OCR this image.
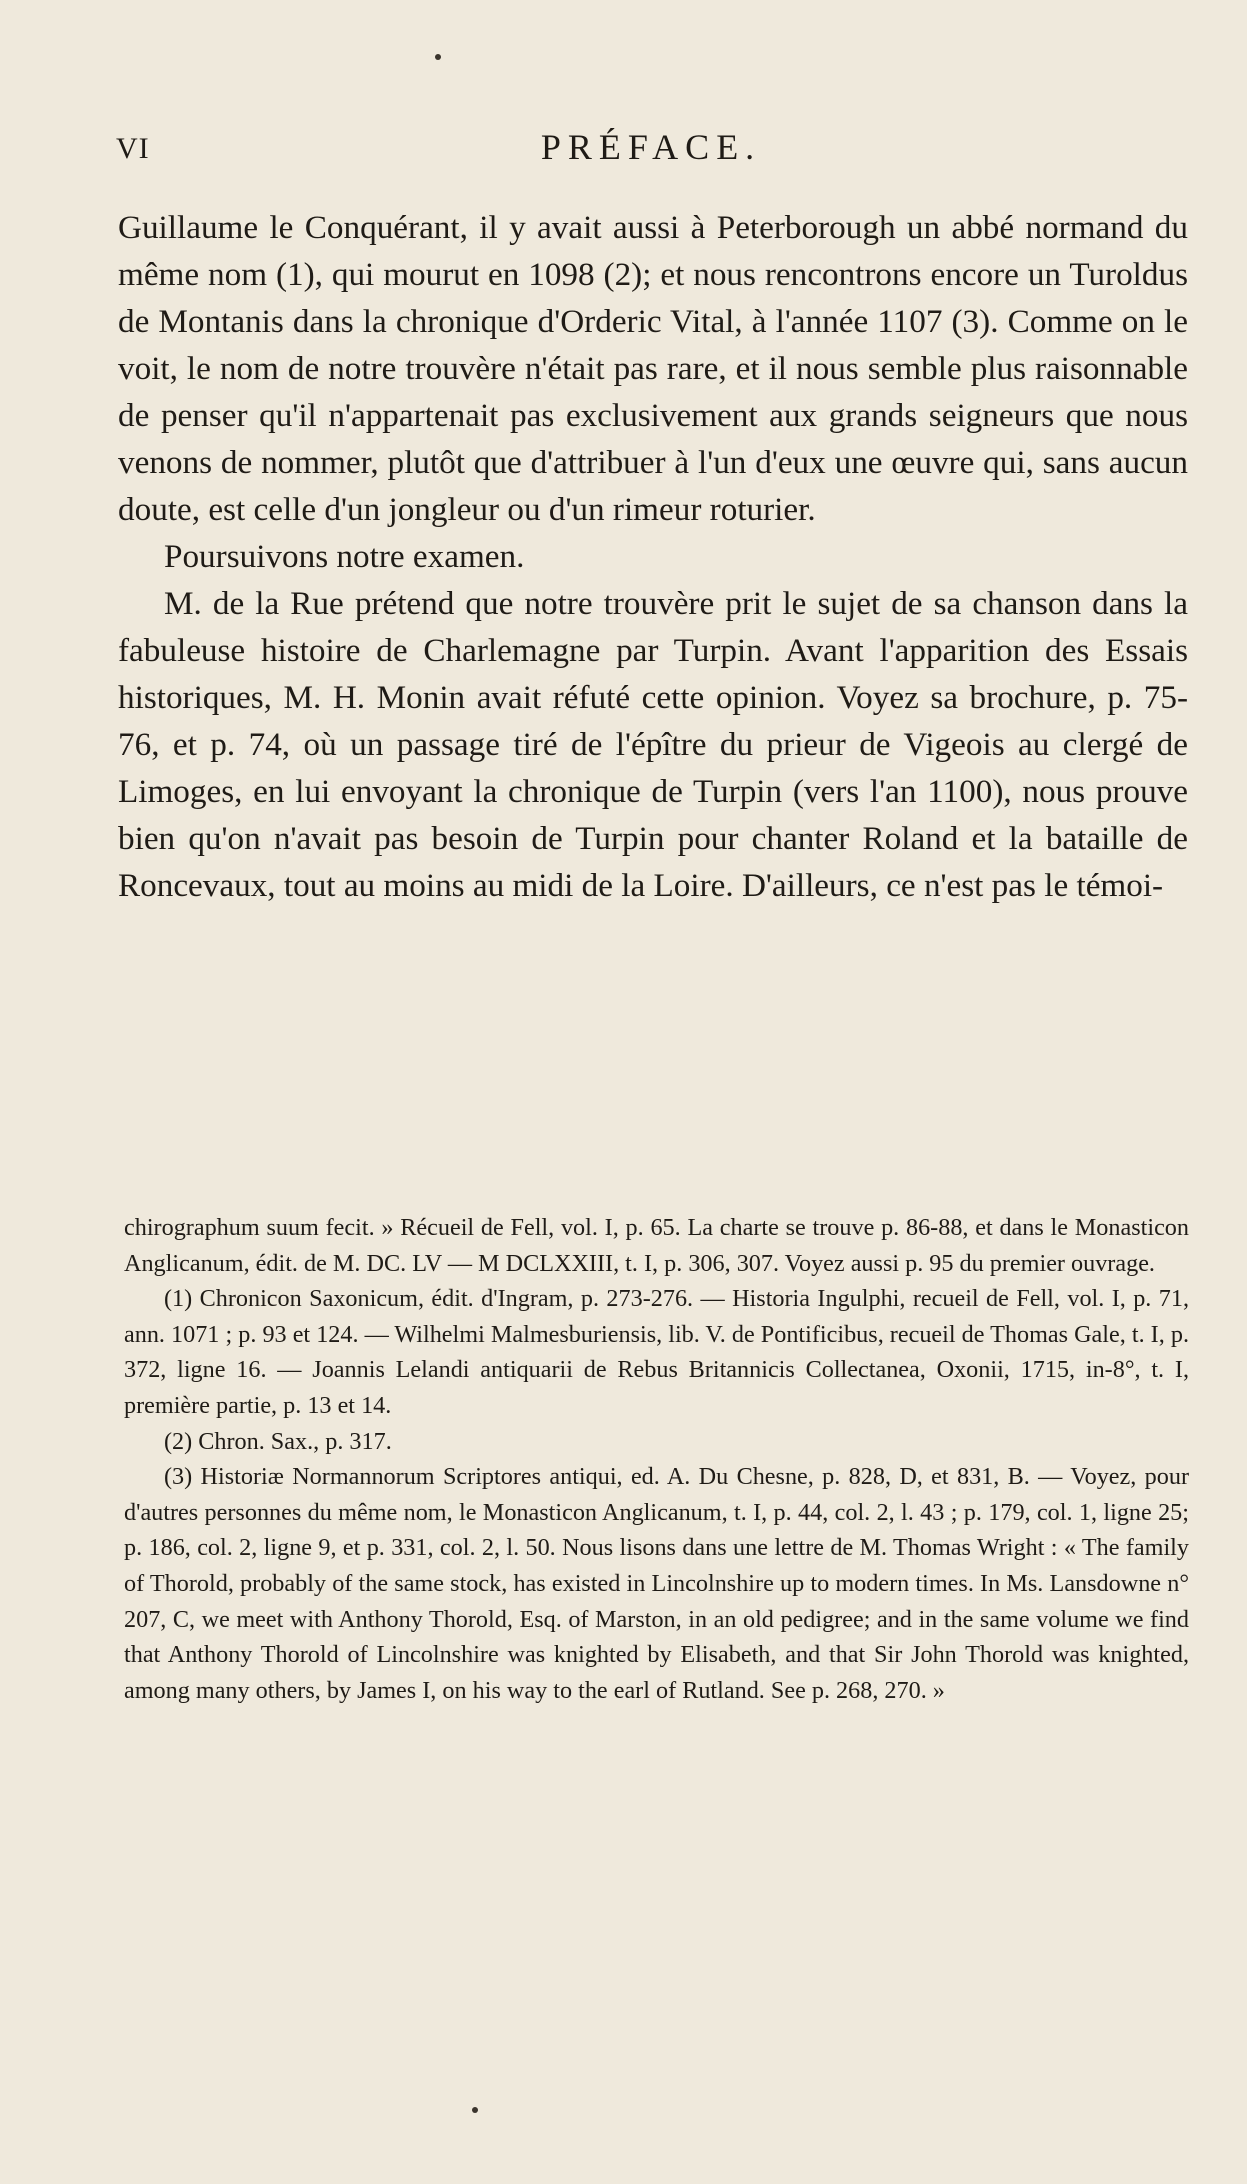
VI	PRÉFACE.

Guillaume le Conquérant, il y avait aussi à Peterborough un abbé normand du même nom (1), qui mourut en 1098 (2); et nous rencontrons encore un Turoldus de Montanis dans la chronique d'Orderic Vital, à l'année 1107 (3). Comme on le voit, le nom de notre trouvère n'était pas rare, et il nous semble plus raisonnable de penser qu'il n'appartenait pas exclusivement aux grands seigneurs que nous venons de nommer, plutôt que d'attribuer à l'un d'eux une œuvre qui, sans aucun doute, est celle d'un jongleur ou d'un rimeur roturier.

Poursuivons notre examen.

M. de la Rue prétend que notre trouvère prit le sujet de sa chanson dans la fabuleuse histoire de Charlemagne par Turpin. Avant l'apparition des Essais historiques, M. H. Monin avait réfuté cette opinion. Voyez sa brochure, p. 75-76, et p. 74, où un passage tiré de l'épître du prieur de Vigeois au clergé de Limoges, en lui envoyant la chronique de Turpin (vers l'an 1100), nous prouve bien qu'on n'avait pas besoin de Turpin pour chanter Roland et la bataille de Roncevaux, tout au moins au midi de la Loire. D'ailleurs, ce n'est pas le témoi-

chirographum suum fecit. » Récueil de Fell, vol. I, p. 65. La charte se trouve p. 86-88, et dans le Monasticon Anglicanum, édit. de M. DC. LV — M DCLXXIII, t. I, p. 306, 307. Voyez aussi p. 95 du premier ouvrage.

(1) Chronicon Saxonicum, édit. d'Ingram, p. 273-276. — Historia Ingulphi, recueil de Fell, vol. I, p. 71, ann. 1071 ; p. 93 et 124. — Wilhelmi Malmesburiensis, lib. V. de Pontificibus, recueil de Thomas Gale, t. I, p. 372, ligne 16. — Joannis Lelandi antiquarii de Rebus Britannicis Collectanea, Oxonii, 1715, in-8°, t. I, première partie, p. 13 et 14.

(2) Chron. Sax., p. 317.

(3) Historiæ Normannorum Scriptores antiqui, ed. A. Du Chesne, p. 828, D, et 831, B. — Voyez, pour d'autres personnes du même nom, le Monasticon Anglicanum, t. I, p. 44, col. 2, l. 43 ; p. 179, col. 1, ligne 25; p. 186, col. 2, ligne 9, et p. 331, col. 2, l. 50. Nous lisons dans une lettre de M. Thomas Wright : « The family of Thorold, probably of the same stock, has existed in Lincolnshire up to modern times. In Ms. Lansdowne n° 207, C, we meet with Anthony Thorold, Esq. of Marston, in an old pedigree; and in the same volume we find that Anthony Thorold of Lincolnshire was knighted by Elisabeth, and that Sir John Thorold was knighted, among many others, by James I, on his way to the earl of Rutland. See p. 268, 270. »
